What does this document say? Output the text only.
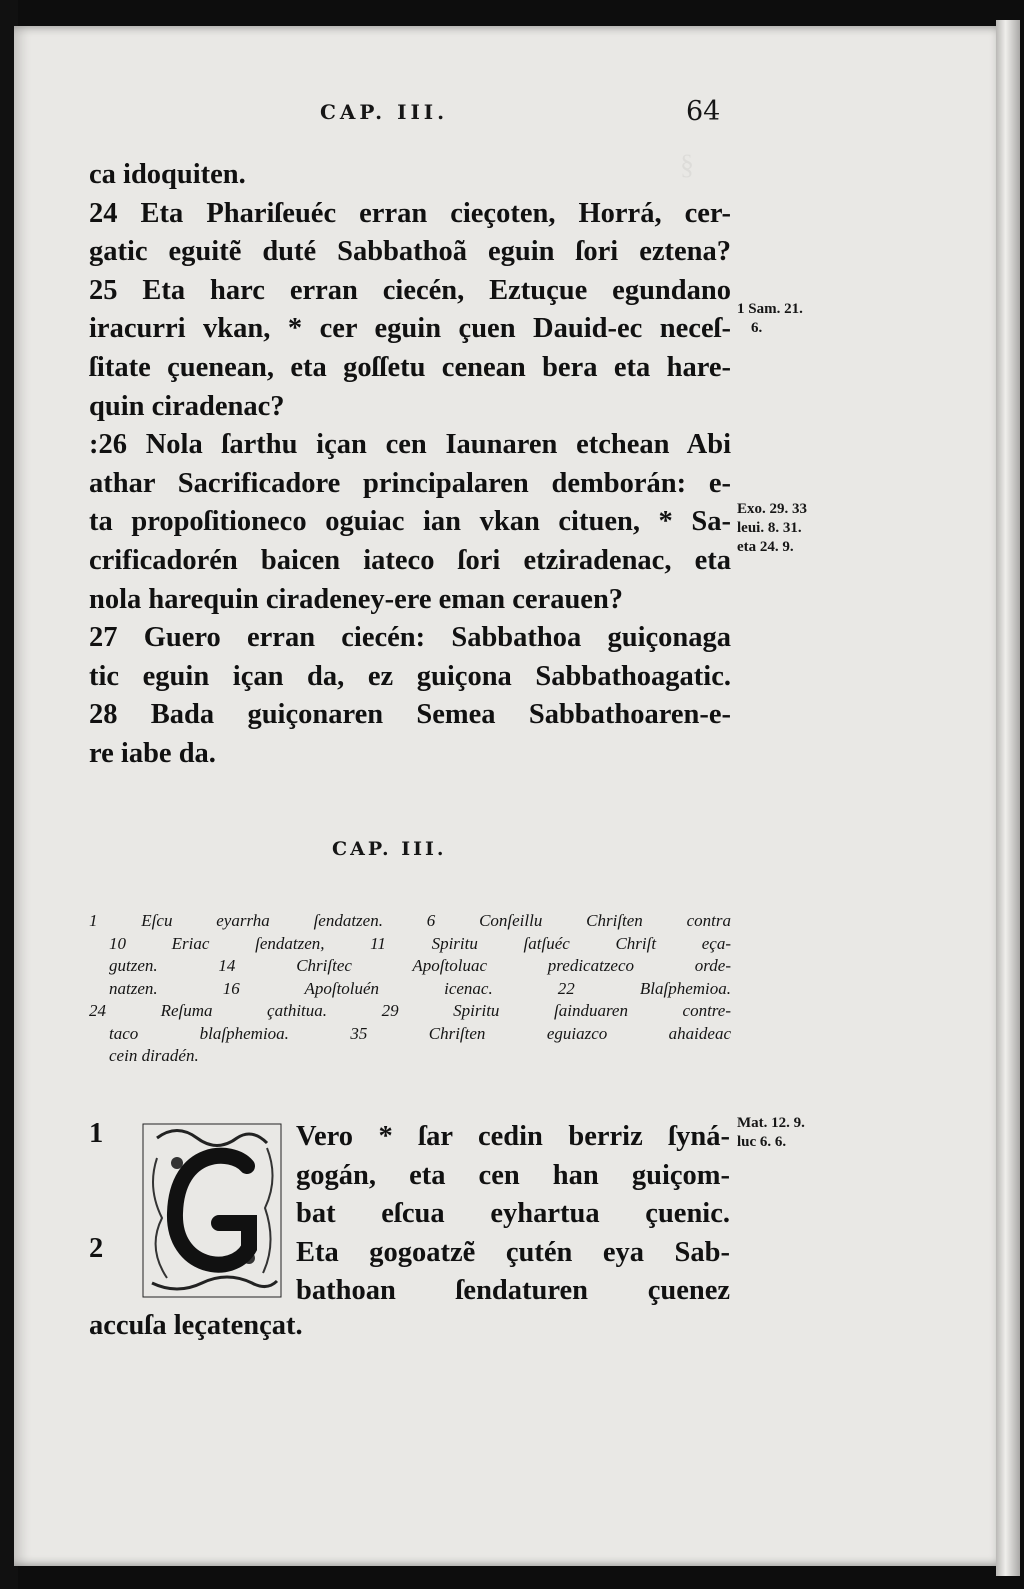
§
CAP. III.	64
ca idoquiten.
24 Eta Phariſeuéc erran cieçoten, Horrá, cer-
gatic eguitẽ duté Sabbathoã eguin ſori eztena?
25 Eta harc erran ciecén, Eztuçue egundano
iracurri vkan, * cer eguin çuen Dauid-ec neceſ-
ſitate çuenean, eta goſſetu cenean bera eta hare-
quin ciradenac?
:26 Nola ſarthu içan cen Iaunaren etchean Abi
athar Sacrificadore principalaren demborán: e-
ta propoſitioneco oguiac ian vkan cituen, * Sa-
crificadorén baicen iateco ſori etziradenac, eta
nola harequin ciradeney-ere eman cerauen?
27 Guero erran ciecén: Sabbathoa guiçonaga
tic eguin içan da, ez guiçona Sabbathoagatic.
28 Bada guiçonaren Semea Sabbathoaren-e-
re iabe da.
1 Sam. 21.
6.
Exo. 29. 33
leui. 8. 31.
eta 24. 9.
Mat. 12. 9.
luc 6. 6.
CAP. III.
1 Eſcu eyarrha ſendatzen. 6 Conſeillu Chriſten contra
10 Eriac ſendatzen, 11 Spiritu ſatſuéc Chriſt eça-
gutzen. 14 Chriſtec Apoſtoluac predicatzeco orde-
natzen. 16 Apoſtoluén icenac. 22 Blaſphemioa.
24 Reſuma çathitua. 29 Spiritu ſainduaren contre-
taco blaſphemioa. 35 Chriſten eguiazco ahaideac
cein diradén.
1
2
Vero * ſar cedin berriz ſyná-
gogán, eta cen han guiçom-
bat eſcua eyhartua çuenic.
Eta gogoatzẽ çutén eya Sab-
bathoan ſendaturen çuenez
accuſa leçatençat.
